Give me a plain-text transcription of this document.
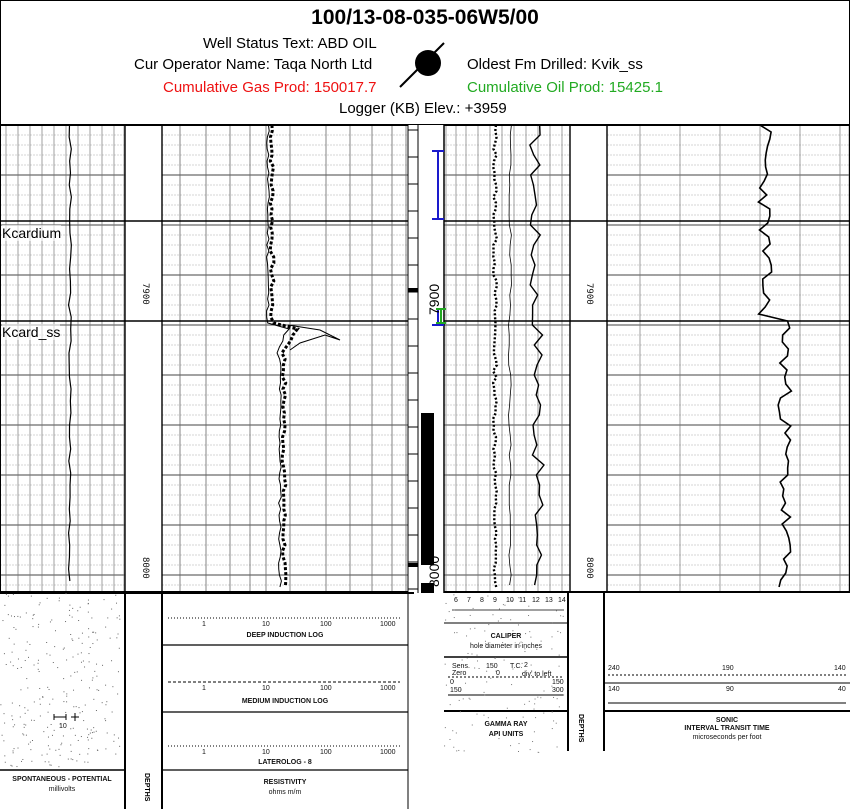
100/13-08-035-06W5/00
Well Status Text: ABD OIL
Cur Operator Name: Taqa North Ltd
Cumulative Gas Prod: 150017.7
Oldest Fm Drilled: Kvik_ss
Cumulative Oil Prod: 15425.1
Logger (KB) Elev.: +3959
Kcardium
Kcard_ss
7900
8000
7900
8000
7900
8000
10
1	10	100	1000
DEEP INDUCTION LOG
1	10	100	1000
MEDIUM INDUCTION LOG
1	10	100	1000
LATEROLOG - 8
SPONTANEOUS - POTENTIAL
millivolts	DEPTHS	RESISTIVITY
ohms m/m
6 7 8 9 10 11 12 13 14
CALIPER
hole diameter in inches
Sens. 150 T.C. 2
Zero	0	div. to left
0	150
150	300
GAMMA RAY
API UNITS	DEPTHS
240	190	140
140	90	40
SONIC
INTERVAL TRANSIT TIME
microseconds per foot
